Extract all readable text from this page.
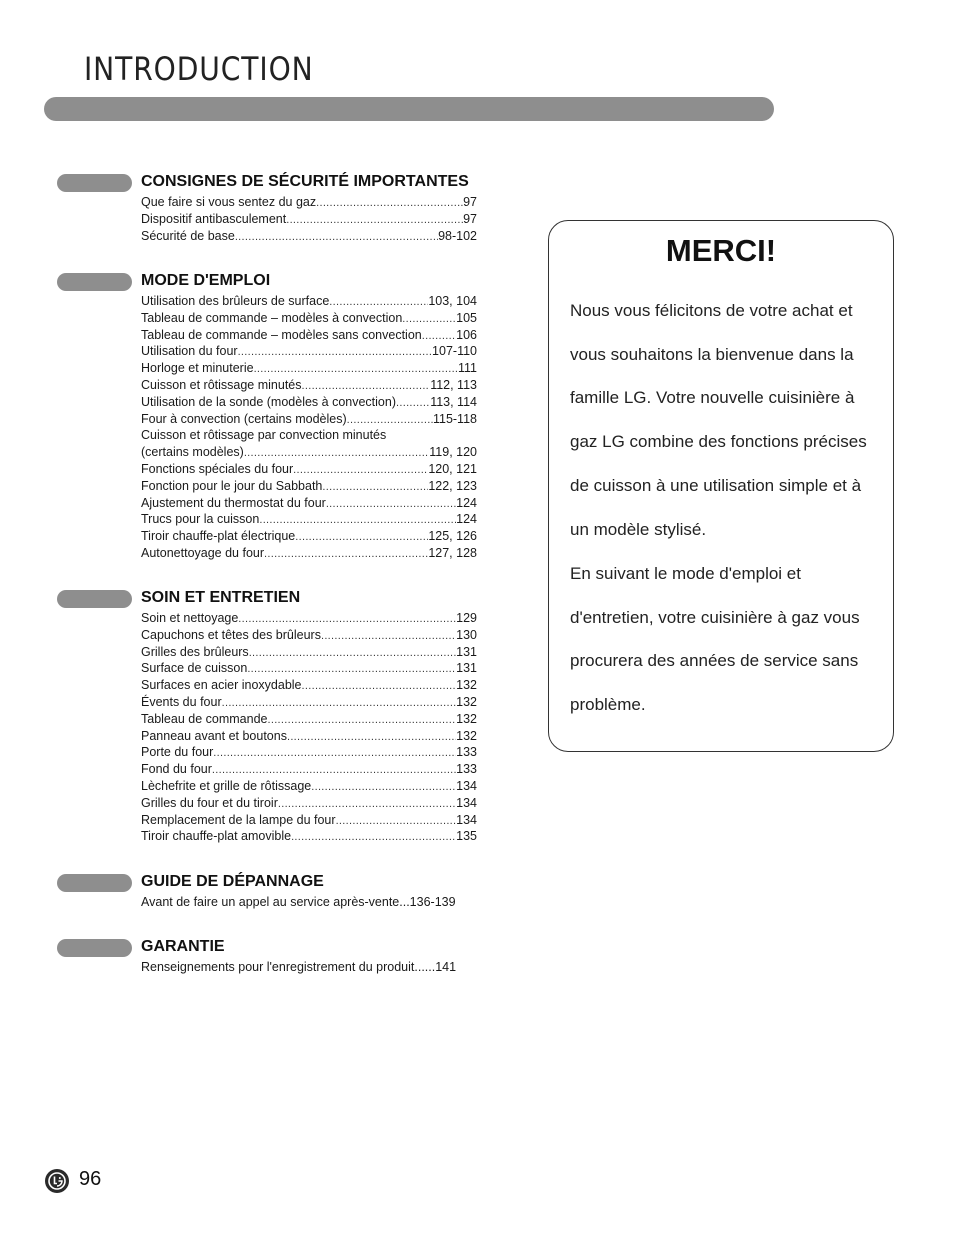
INTRODUCTION
CONSIGNES DE SÉCURITÉ IMPORTANTES
Que faire si vous sentez du gaz .....	97
Dispositif antibasculement .....	97
Sécurité de base .....	98-102
MODE D'EMPLOI
Utilisation des brûleurs de surface .....	103, 104
Tableau de commande – modèles à convection .....	105
Tableau de commande – modèles sans convection .....	106
Utilisation du four .....	107-110
Horloge et minuterie .....	111
Cuisson et rôtissage minutés .....	112, 113
Utilisation de la sonde (modèles à convection) .....	113, 114
Four à convection (certains modèles) .....	115-118
Cuisson et rôtissage par convection minutés
(certains modèles) .....	119, 120
Fonctions spéciales du four .....	120, 121
Fonction pour le jour du Sabbath .....	122, 123
Ajustement du thermostat du four .....	124
Trucs pour la cuisson .....	124
Tiroir chauffe-plat électrique .....	125, 126
Autonettoyage du four .....	127, 128
SOIN ET ENTRETIEN
Soin et nettoyage .....	129
Capuchons et têtes des brûleurs .....	130
Grilles des brûleurs .....	131
Surface de cuisson .....	131
Surfaces en acier inoxydable .....	132
Évents du four .....	132
Tableau de commande .....	132
Panneau avant et boutons .....	132
Porte du four .....	133
Fond du four .....	133
Lèchefrite et grille de rôtissage .....	134
Grilles du four et du tiroir .....	134
Remplacement de la lampe du four .....	134
Tiroir chauffe-plat amovible .....	135
GUIDE DE DÉPANNAGE
Avant de faire un appel au service après-vente...136-139
GARANTIE
Renseignements pour l'enregistrement du produit......141
MERCI!

Nous vous félicitons de votre achat et vous souhaitons la bienvenue dans la famille LG. Votre nouvelle cuisinière à gaz LG combine des fonctions précises de cuisson à une utilisation simple et à un modèle stylisé.

En suivant le mode d'emploi et d'entretien, votre cuisinière à gaz vous procurera des années de service sans problème.

96
